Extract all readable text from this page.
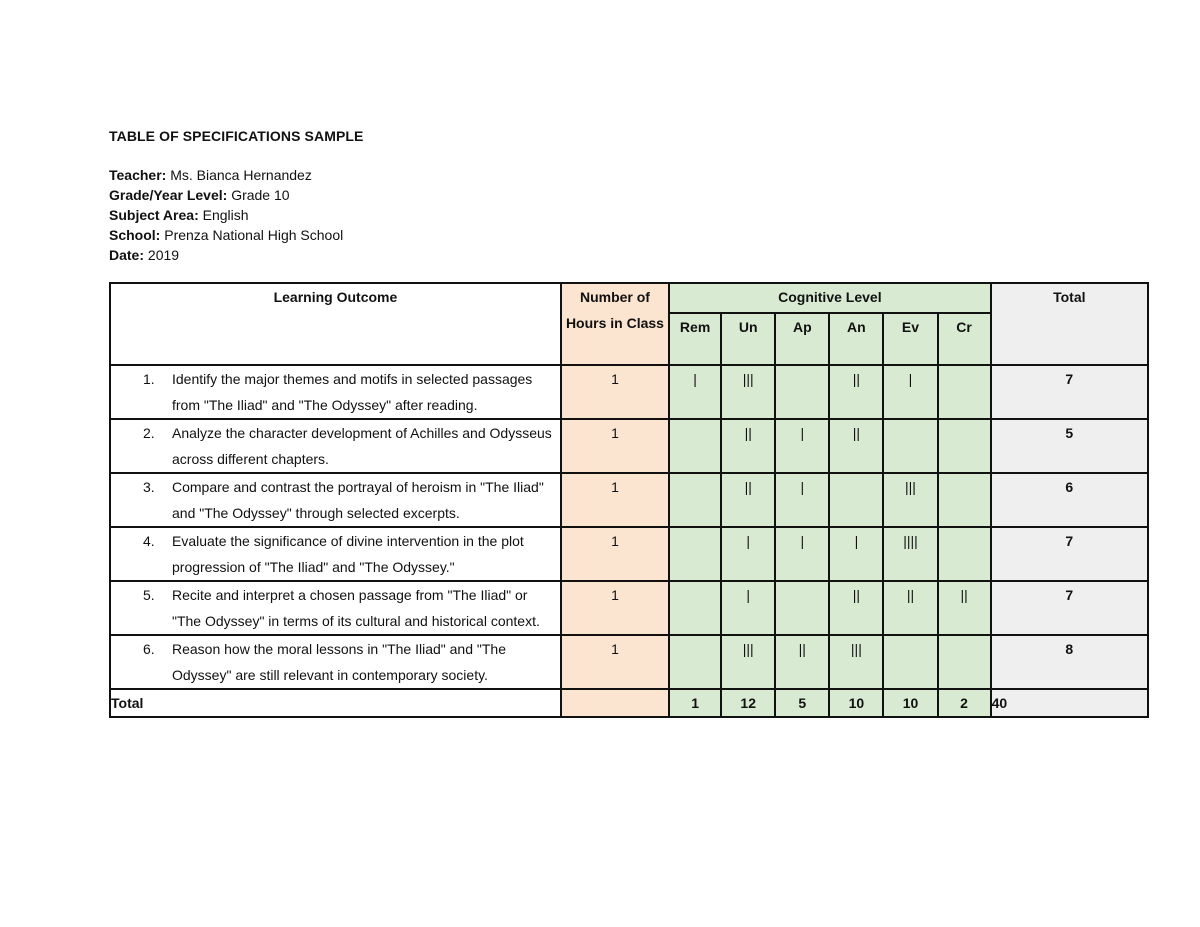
TABLE OF SPECIFICATIONS SAMPLE

Teacher: Ms. Bianca Hernandez

Grade/Year Level: Grade 10

Subject Area: English

School: Prenza National High School

Date: 2019

Learning Outcome	Number of Hours in Class	Cognitive Level						Total
		Rem	Un	Ap	An	Ev	Cr	

1. Identify the major themes and motifs in selected passages from "The Iliad" and "The Odyssey" after reading.	1	|	|||		||	|		7

2. Analyze the character development of Achilles and Odysseus across different chapters.	1		||	|	||			5

3. Compare and contrast the portrayal of heroism in "The Iliad" and "The Odyssey" through selected excerpts.	1		||	|		|||		6

4. Evaluate the significance of divine intervention in the plot progression of "The Iliad" and "The Odyssey."	1		|	|	|	||||		7

5. Recite and interpret a chosen passage from "The Iliad" or "The Odyssey" in terms of its cultural and historical context.	1		|		||	||	||	7

6. Reason how the moral lessons in "The Iliad" and "The Odyssey" are still relevant in contemporary society.	1		|||	||	|||			8
Total		1	12	5	10	10	2	40
